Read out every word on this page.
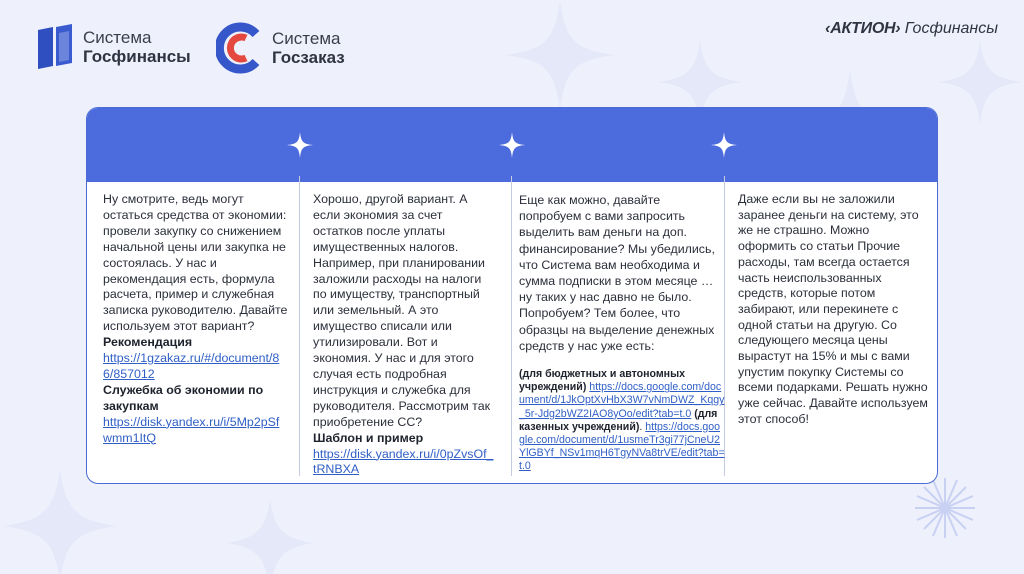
Система
Госфинансы
Система
Госзаказ
‹АКТИОН› Госфинансы

Ну смотрите, ведь могут остаться средства от экономии: провели закупку со снижением начальной цены или закупка не состоялась. У нас и рекомендация есть, формула расчета, пример и служебная записка руководителю. Давайте используем этот вариант?

Рекомендация

https://1gzakaz.ru/#/document/86/857012

Служебка об экономии по закупкам

https://disk.yandex.ru/i/5Mp2pSfwmm1ItQ

Хорошо, другой вариант. А если экономия за счет остатков после уплаты имущественных налогов. Например, при планировании заложили расходы на налоги по имуществу, транспортный или земельный. А это имущество списали или утилизировали. Вот и экономия. У нас и для этого случая есть подробная инструкция и служебка для руководителя. Рассмотрим так приобретение СС?

Шаблон и пример

https://disk.yandex.ru/i/0pZvsOf_tRNBXA

Еще как можно, давайте попробуем с вами запросить выделить вам деньги на доп. финансирование? Мы убедились, что Система вам необходима и сумма подписки в этом месяце … ну таких у нас давно не было. Попробуем? Тем более, что образцы на выделение денежных средств у нас уже есть:

(для бюджетных и автономных учреждений) https://docs.google.com/document/d/1JkOptXvHbX3W7vNmDWZ_Kqgy_5r-Jdg2bWZ2IAO8yOo/edit?tab=t.0 (для казенных учреждений). https://docs.google.com/document/d/1usmeTr3gi77jCneU2YlGBYf_NSv1mqH6TgyNVa8trVE/edit?tab=t.0

Даже если вы не заложили заранее деньги на систему, это же не страшно. Можно оформить со статьи Прочие расходы, там всегда остается часть неиспользованных средств, которые потом забирают, или перекинете с одной статьи на другую. Со следующего месяца цены вырастут на 15% и мы с вами упустим покупку Системы со всеми подарками. Решать нужно уже сейчас. Давайте используем этот способ!
